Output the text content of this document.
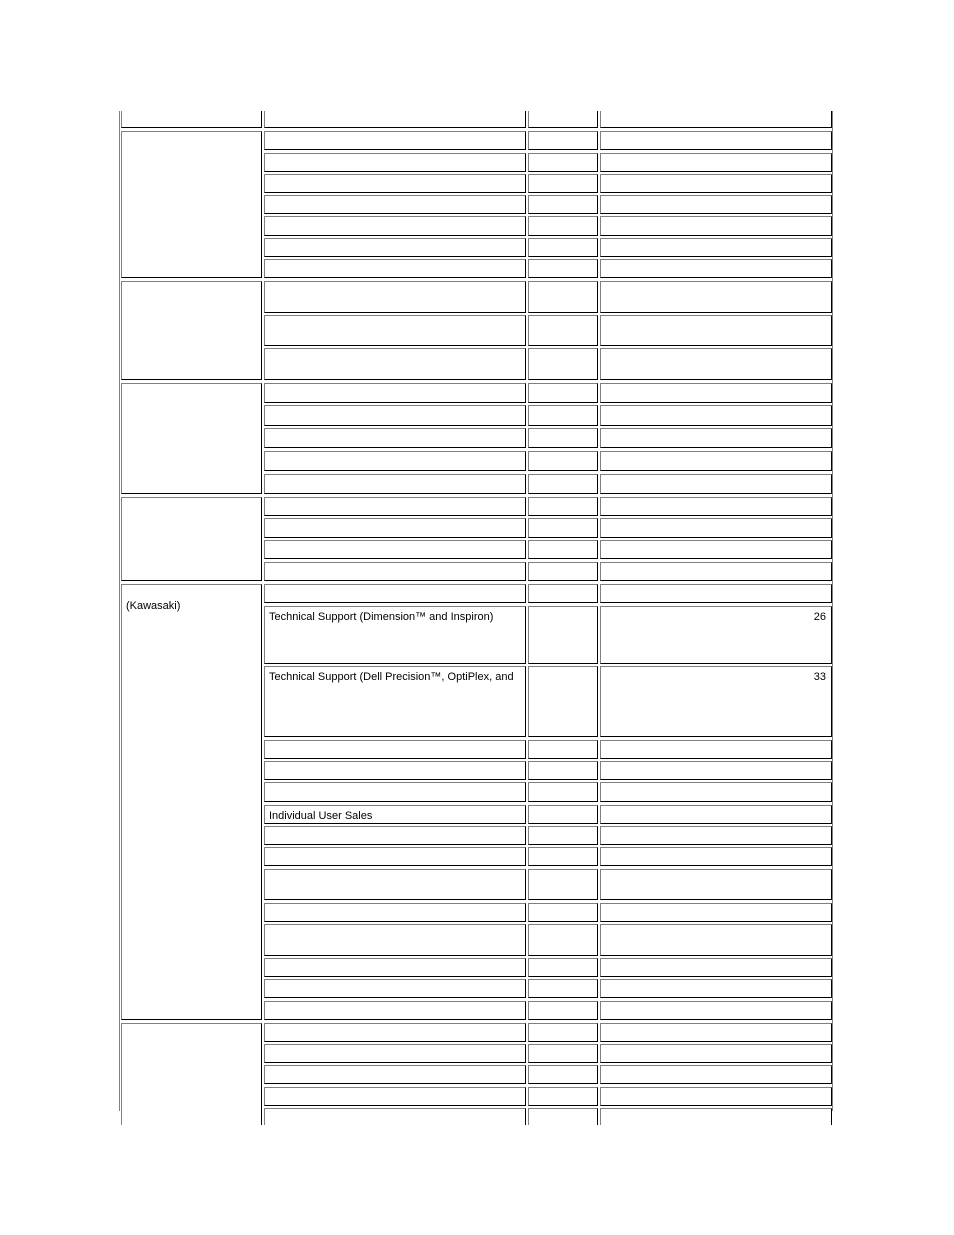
(Kawasaki)
Technical Support (Dimension™ and Inspiron)	26
Technical Support (Dell Precision™, OptiPlex, and	33
Individual User Sales
